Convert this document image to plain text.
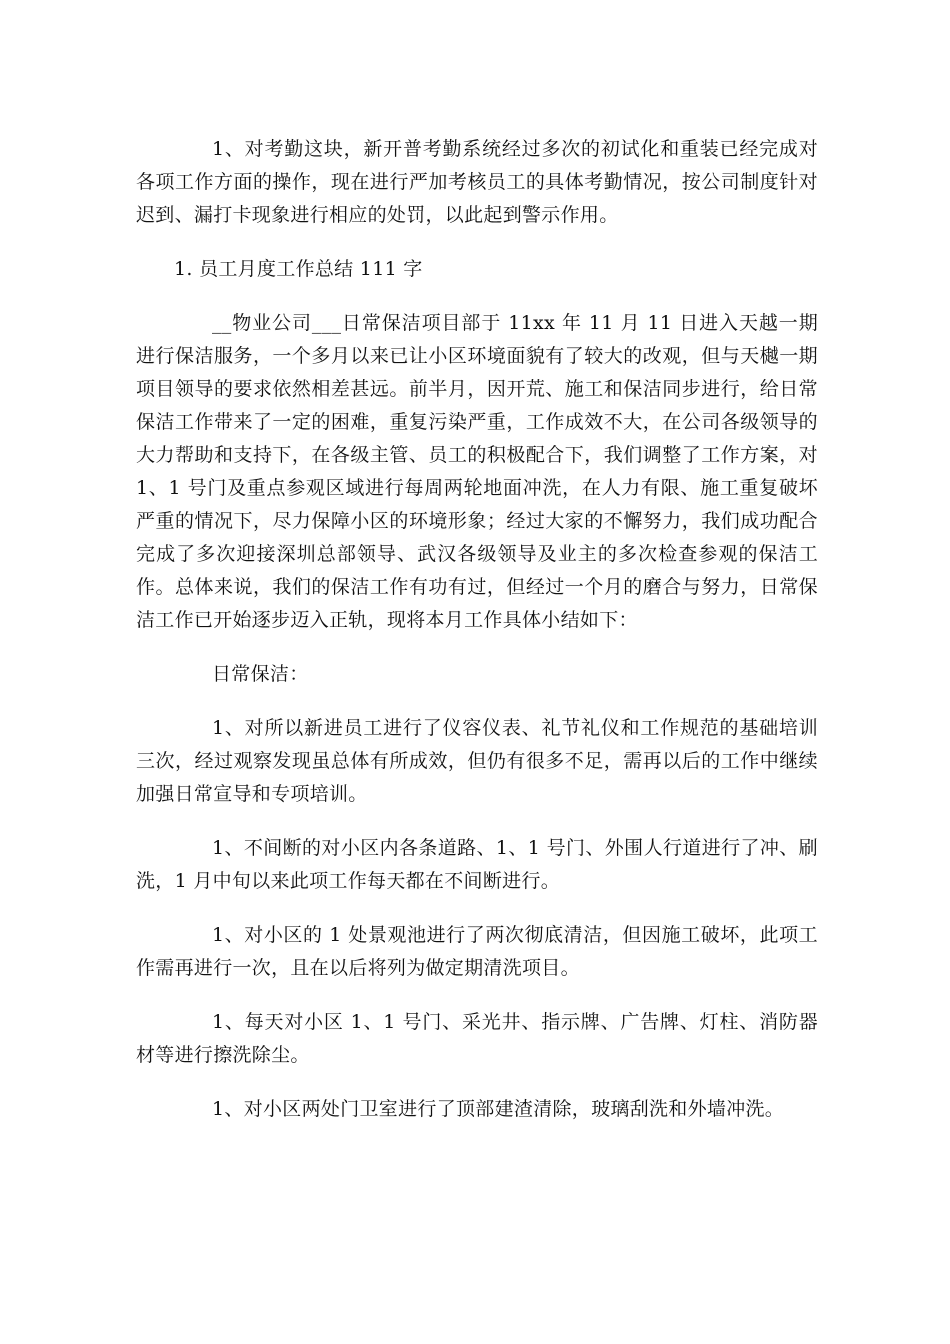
1、对考勤这块，新开普考勤系统经过多次的初试化和重装已经完成对各项工作方面的操作，现在进行严加考核员工的具体考勤情况，按公司制度针对迟到、漏打卡现象进行相应的处罚，以此起到警示作用。

1. 员工月度工作总结 111 字

__物业公司___日常保洁项目部于 11xx 年 11 月 11 日进入天越一期进行保洁服务，一个多月以来已让小区环境面貌有了较大的改观，但与天樾一期项目领导的要求依然相差甚远。前半月，因开荒、施工和保洁同步进行，给日常保洁工作带来了一定的困难，重复污染严重，工作成效不大，在公司各级领导的大力帮助和支持下，在各级主管、员工的积极配合下，我们调整了工作方案，对 1、1 号门及重点参观区域进行每周两轮地面冲洗，在人力有限、施工重复破坏严重的情况下，尽力保障小区的环境形象；经过大家的不懈努力，我们成功配合完成了多次迎接深圳总部领导、武汉各级领导及业主的多次检查参观的保洁工作。总体来说，我们的保洁工作有功有过，但经过一个月的磨合与努力，日常保洁工作已开始逐步迈入正轨，现将本月工作具体小结如下：

日常保洁：

1、对所以新进员工进行了仪容仪表、礼节礼仪和工作规范的基础培训三次，经过观察发现虽总体有所成效，但仍有很多不足，需再以后的工作中继续加强日常宣导和专项培训。

1、不间断的对小区内各条道路、1、1 号门、外围人行道进行了冲、刷洗，1 月中旬以来此项工作每天都在不间断进行。

1、对小区的 1 处景观池进行了两次彻底清洁，但因施工破坏，此项工作需再进行一次，且在以后将列为做定期清洗项目。

1、每天对小区 1、1 号门、采光井、指示牌、广告牌、灯柱、消防器材等进行擦洗除尘。

1、对小区两处门卫室进行了顶部建渣清除，玻璃刮洗和外墙冲洗。
